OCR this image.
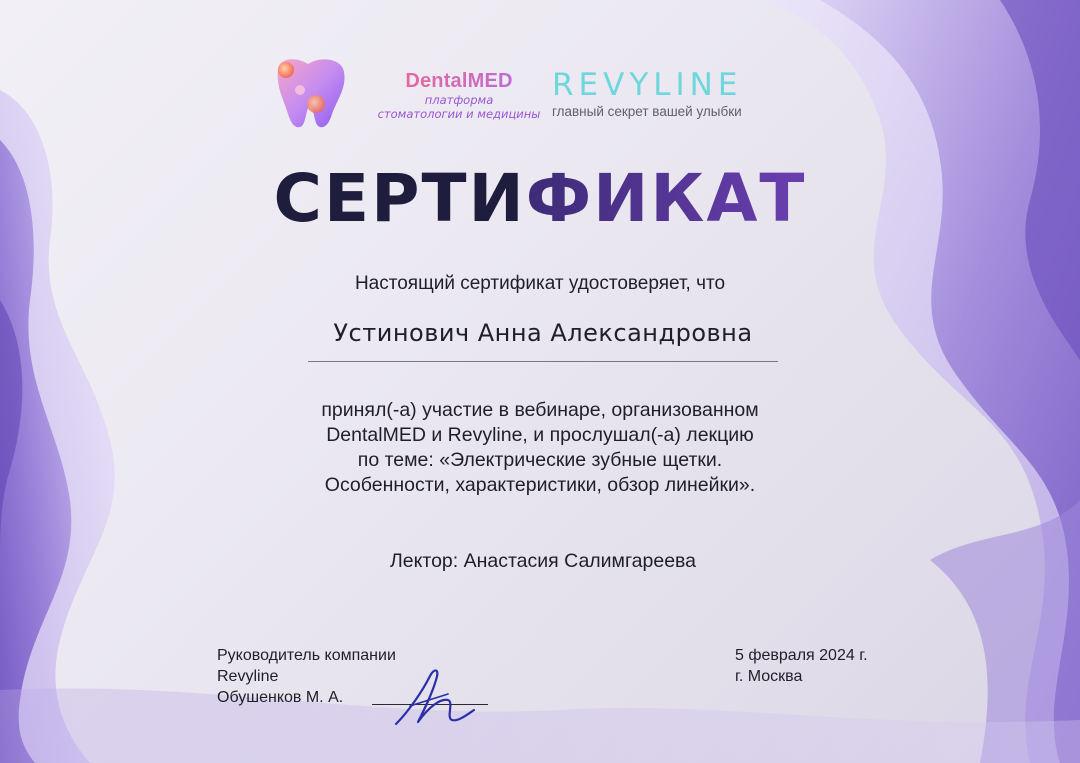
DentalMED
платформа
стоматологии и медицины
REVYLINE
главный секрет вашей улыбки
СЕРТИФИКАТ
Настоящий сертификат удостоверяет, что
Устинович Анна Александровна
принял(-а) участие в вебинаре, организованном
DentalMED и Revyline, и прослушал(-а) лекцию
по теме: «Электрические зубные щетки.
Особенности, характеристики, обзор линейки».
Лектор: Анастасия Салимгареева
Руководитель компании
Revyline
Обушенков М. А.
5 февраля 2024 г.
г. Москва
